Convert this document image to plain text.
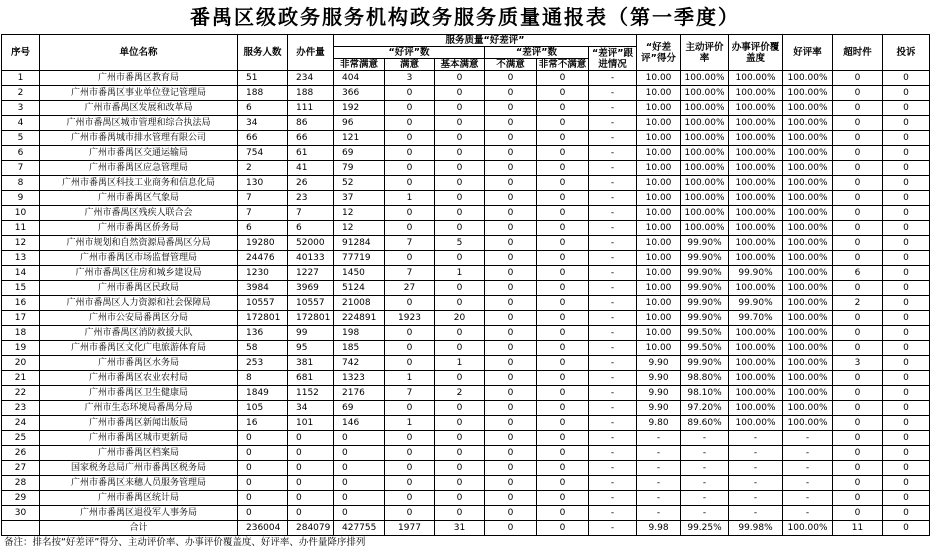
番禺区级政务服务机构政务服务质量通报表（第一季度）
序号	单位名称	服务人数	办件量	服务质量“好差评”						“好差评”得分	主动评价率	办事评价覆盖度	好评率	超时件	投诉
				“好评”数			“差评”数		“差评”跟进情况						
				非常满意	满意	基本满意	不满意	非常不满意							
1	广州市番禺区教育局	51	234	404	3	0	0	0	-	10.00	100.00%	100.00%	100.00%	0	0
2	广州市番禺区事业单位登记管理局	188	188	366	0	0	0	0	-	10.00	100.00%	100.00%	100.00%	0	0
3	广州市番禺区发展和改革局	6	111	192	0	0	0	0	-	10.00	100.00%	100.00%	100.00%	0	0
4	广州市番禺区城市管理和综合执法局	34	86	96	0	0	0	0	-	10.00	100.00%	100.00%	100.00%	0	0
5	广州市番禺城市排水管理有限公司	66	66	121	0	0	0	0	-	10.00	100.00%	100.00%	100.00%	0	0
6	广州市番禺区交通运输局	754	61	69	0	0	0	0	-	10.00	100.00%	100.00%	100.00%	0	0
7	广州市番禺区应急管理局	2	41	79	0	0	0	0	-	10.00	100.00%	100.00%	100.00%	0	0
8	广州市番禺区科技工业商务和信息化局	130	26	52	0	0	0	0	-	10.00	100.00%	100.00%	100.00%	0	0
9	广州市番禺区气象局	7	23	37	1	0	0	0	-	10.00	100.00%	100.00%	100.00%	0	0
10	广州市番禺区残疾人联合会	7	7	12	0	0	0	0	-	10.00	100.00%	100.00%	100.00%	0	0
11	广州市番禺区侨务局	6	6	12	0	0	0	0	-	10.00	100.00%	100.00%	100.00%	0	0
12	广州市规划和自然资源局番禺区分局	19280	52000	91284	7	5	0	0	-	10.00	99.90%	100.00%	100.00%	0	0
13	广州市番禺区市场监督管理局	24476	40133	77719	0	0	0	0	-	10.00	99.90%	100.00%	100.00%	0	0
14	广州市番禺区住房和城乡建设局	1230	1227	1450	7	1	0	0	-	10.00	99.90%	99.90%	100.00%	6	0
15	广州市番禺区民政局	3984	3969	5124	27	0	0	0	-	10.00	99.90%	100.00%	100.00%	0	0
16	广州市番禺区人力资源和社会保障局	10557	10557	21008	0	0	0	0	-	10.00	99.90%	99.90%	100.00%	2	0
17	广州市公安局番禺区分局	172801	172801	224891	1923	20	0	0	-	10.00	99.90%	99.70%	100.00%	0	0
18	广州市番禺区消防救援大队	136	99	198	0	0	0	0	-	10.00	99.50%	100.00%	100.00%	0	0
19	广州市番禺区文化广电旅游体育局	58	95	185	0	0	0	0	-	10.00	99.50%	100.00%	100.00%	0	0
20	广州市番禺区水务局	253	381	742	0	1	0	0	-	9.90	99.90%	100.00%	100.00%	3	0
21	广州市番禺区农业农村局	8	681	1323	1	0	0	0	-	9.90	98.80%	100.00%	100.00%	0	0
22	广州市番禺区卫生健康局	1849	1152	2176	7	2	0	0	-	9.90	98.10%	100.00%	100.00%	0	0
23	广州市生态环境局番禺分局	105	34	69	0	0	0	0	-	9.90	97.20%	100.00%	100.00%	0	0
24	广州市番禺区新闻出版局	16	101	146	1	0	0	0	-	9.80	89.60%	100.00%	100.00%	0	0
25	广州市番禺区城市更新局	0	0	0	0	0	0	0	-	-	-	-	-	0	0
26	广州市番禺区档案局	0	0	0	0	0	0	0	-	-	-	-	-	0	0
27	国家税务总局广州市番禺区税务局	0	0	0	0	0	0	0	-	-	-	-	-	0	0
28	广州市番禺区来穗人员服务管理局	0	0	0	0	0	0	0	-	-	-	-	-	0	0
29	广州市番禺区统计局	0	0	0	0	0	0	0	-	-	-	-	-	0	0
30	广州市番禺区退役军人事务局	0	0	0	0	0	0	0	-	-	-	-	-	0	0
	合计	236004	284079	427755	1977	31	0	0	-	9.98	99.25%	99.98%	100.00%	11	0
备注：排名按“好差评”得分、主动评价率、办事评价覆盖度、好评率、办件量降序排列
